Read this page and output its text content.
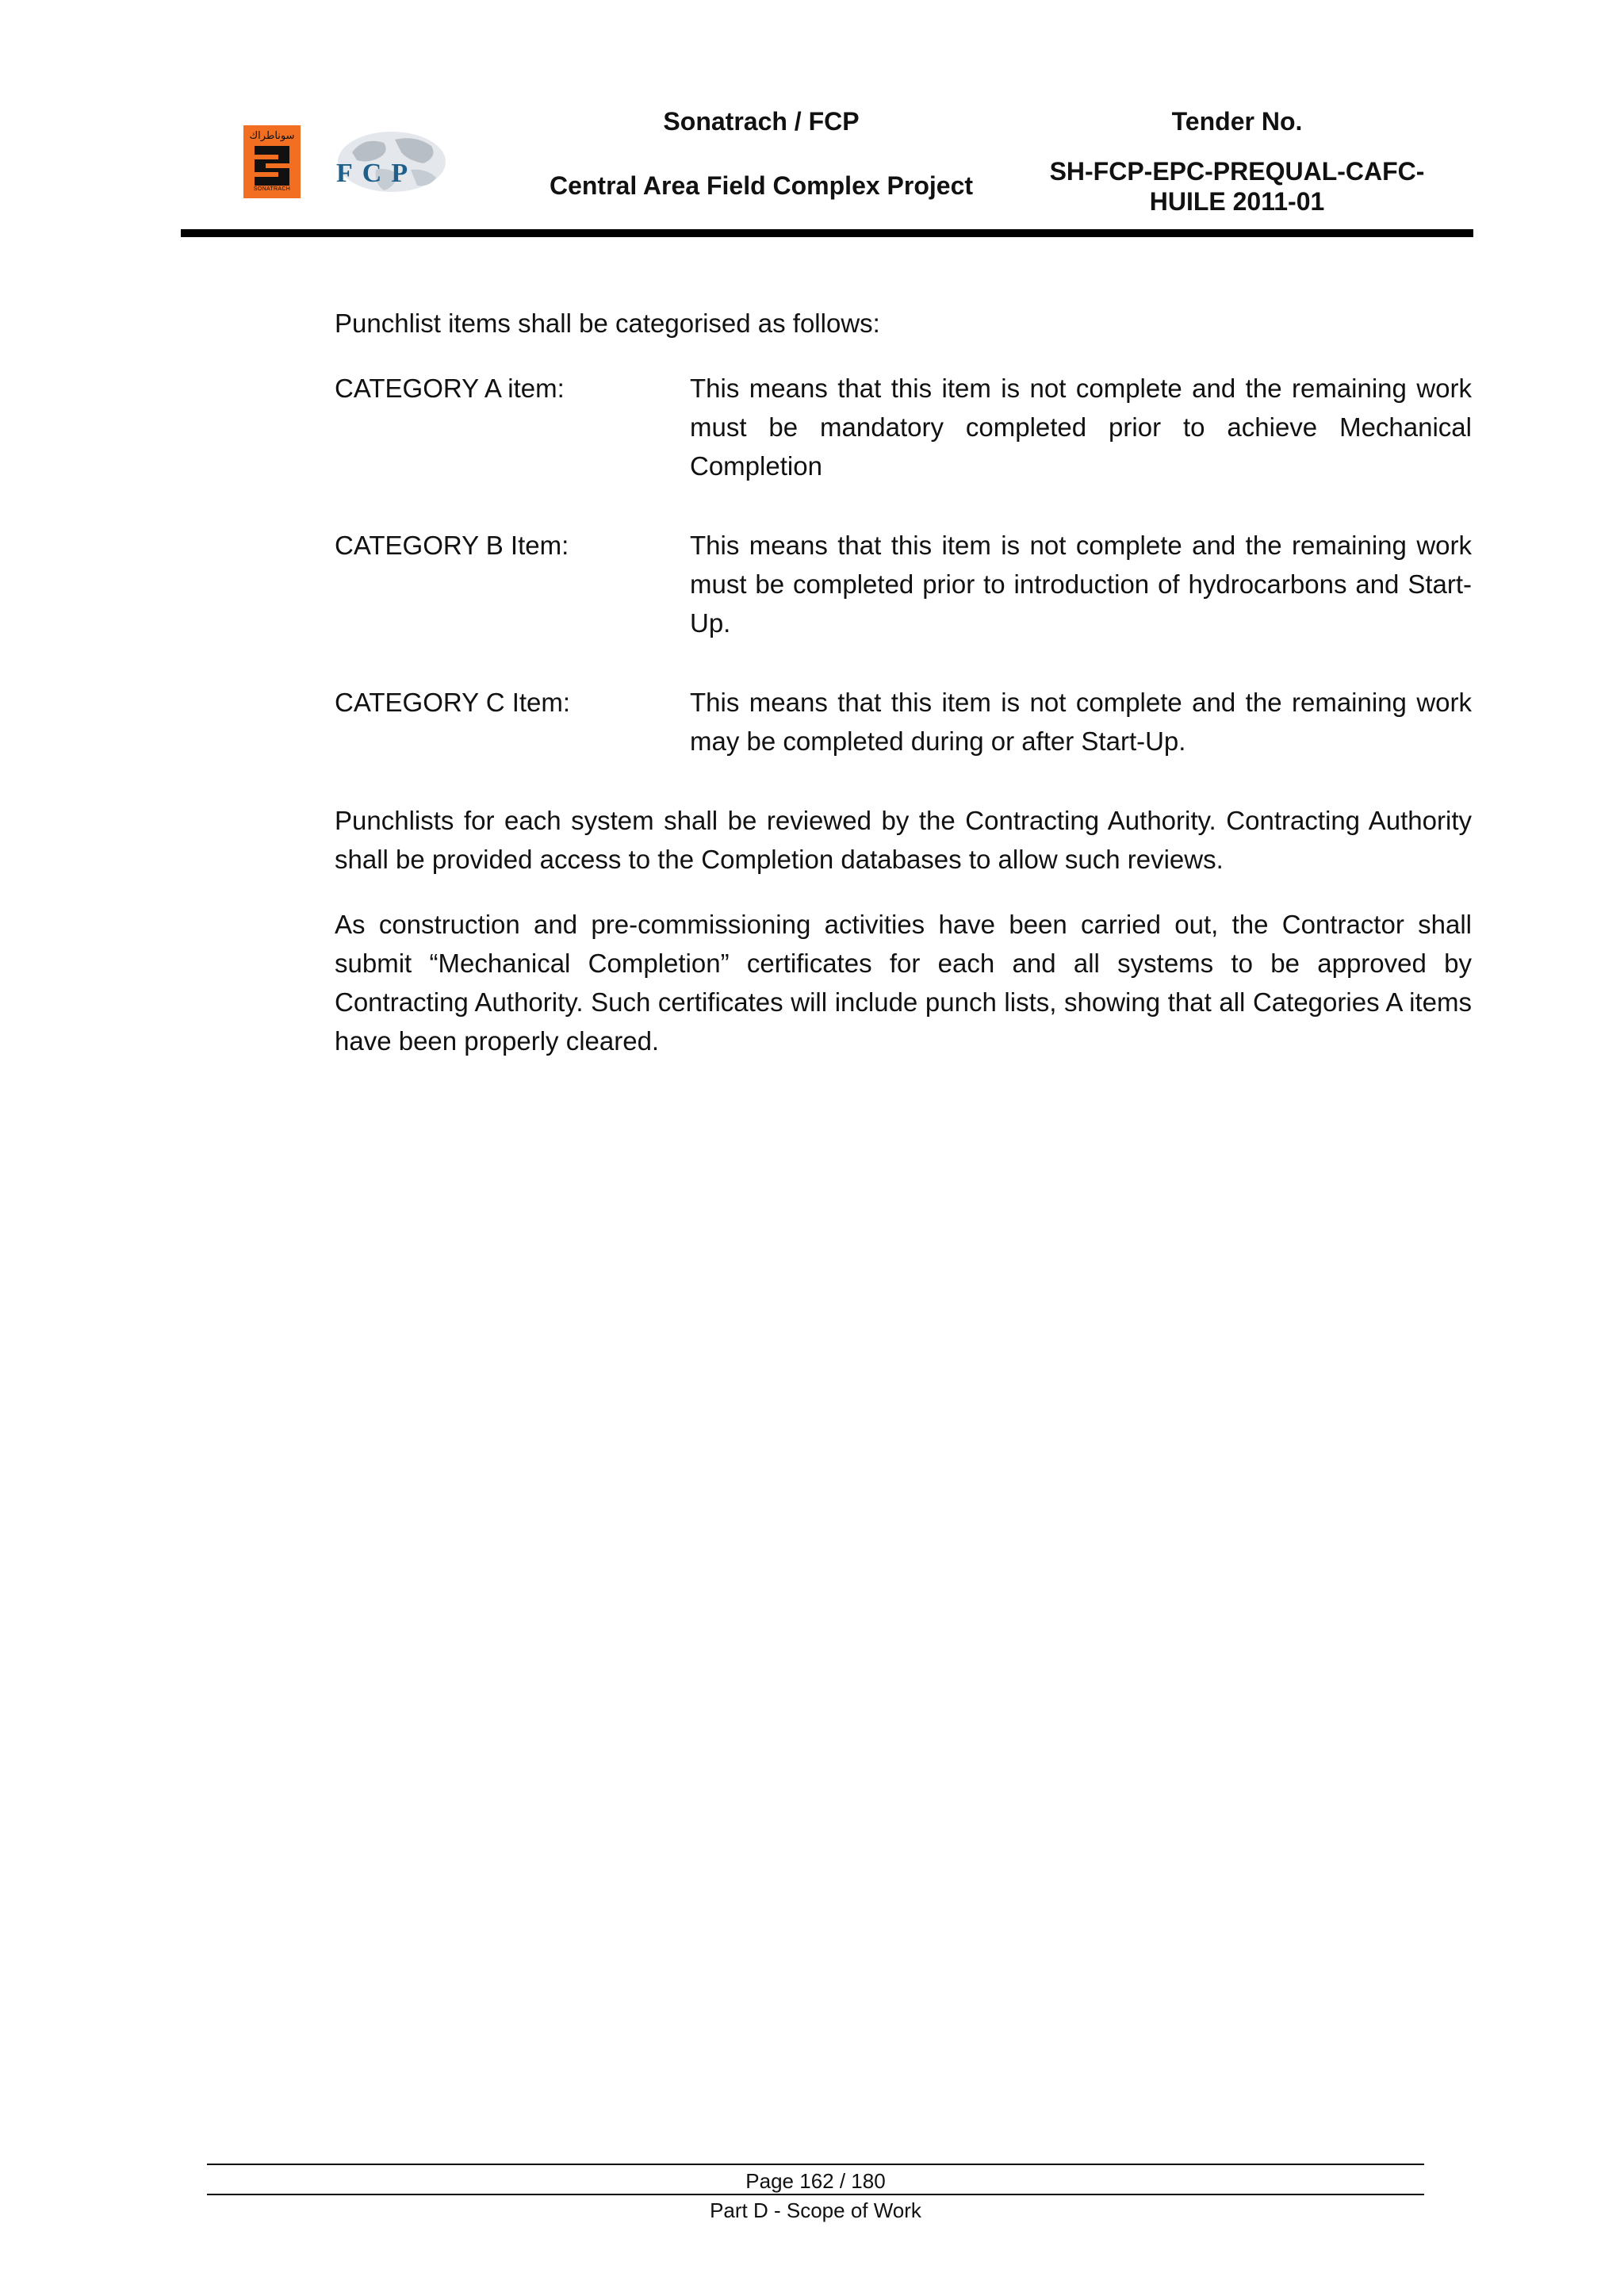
سوناطراك
SONATRACH
FCP
Sonatrach / FCP
Central Area Field Complex Project
Tender No.
SH-FCP-EPC-PREQUAL-CAFC-HUILE 2011-01
Punchlist items shall be categorised as follows:
CATEGORY A item:	This means that this item is not complete and the remaining work must be mandatory completed prior to achieve Mechanical Completion
CATEGORY B Item:	This means that this item is not complete and the remaining work must be completed prior to introduction of hydrocarbons and Start-Up.
CATEGORY C Item:	This means that this item is not complete and the remaining work may be completed during or after Start-Up.
Punchlists for each system shall be reviewed by the Contracting Authority. Contracting Authority shall be provided access to the Completion databases to allow such reviews.
As construction and pre-commissioning activities have been carried out, the Contractor shall submit “Mechanical Completion” certificates for each and all systems to be approved by Contracting Authority. Such certificates will include punch lists, showing that all Categories A items have been properly cleared.
Page 162 / 180
Part D - Scope of Work
